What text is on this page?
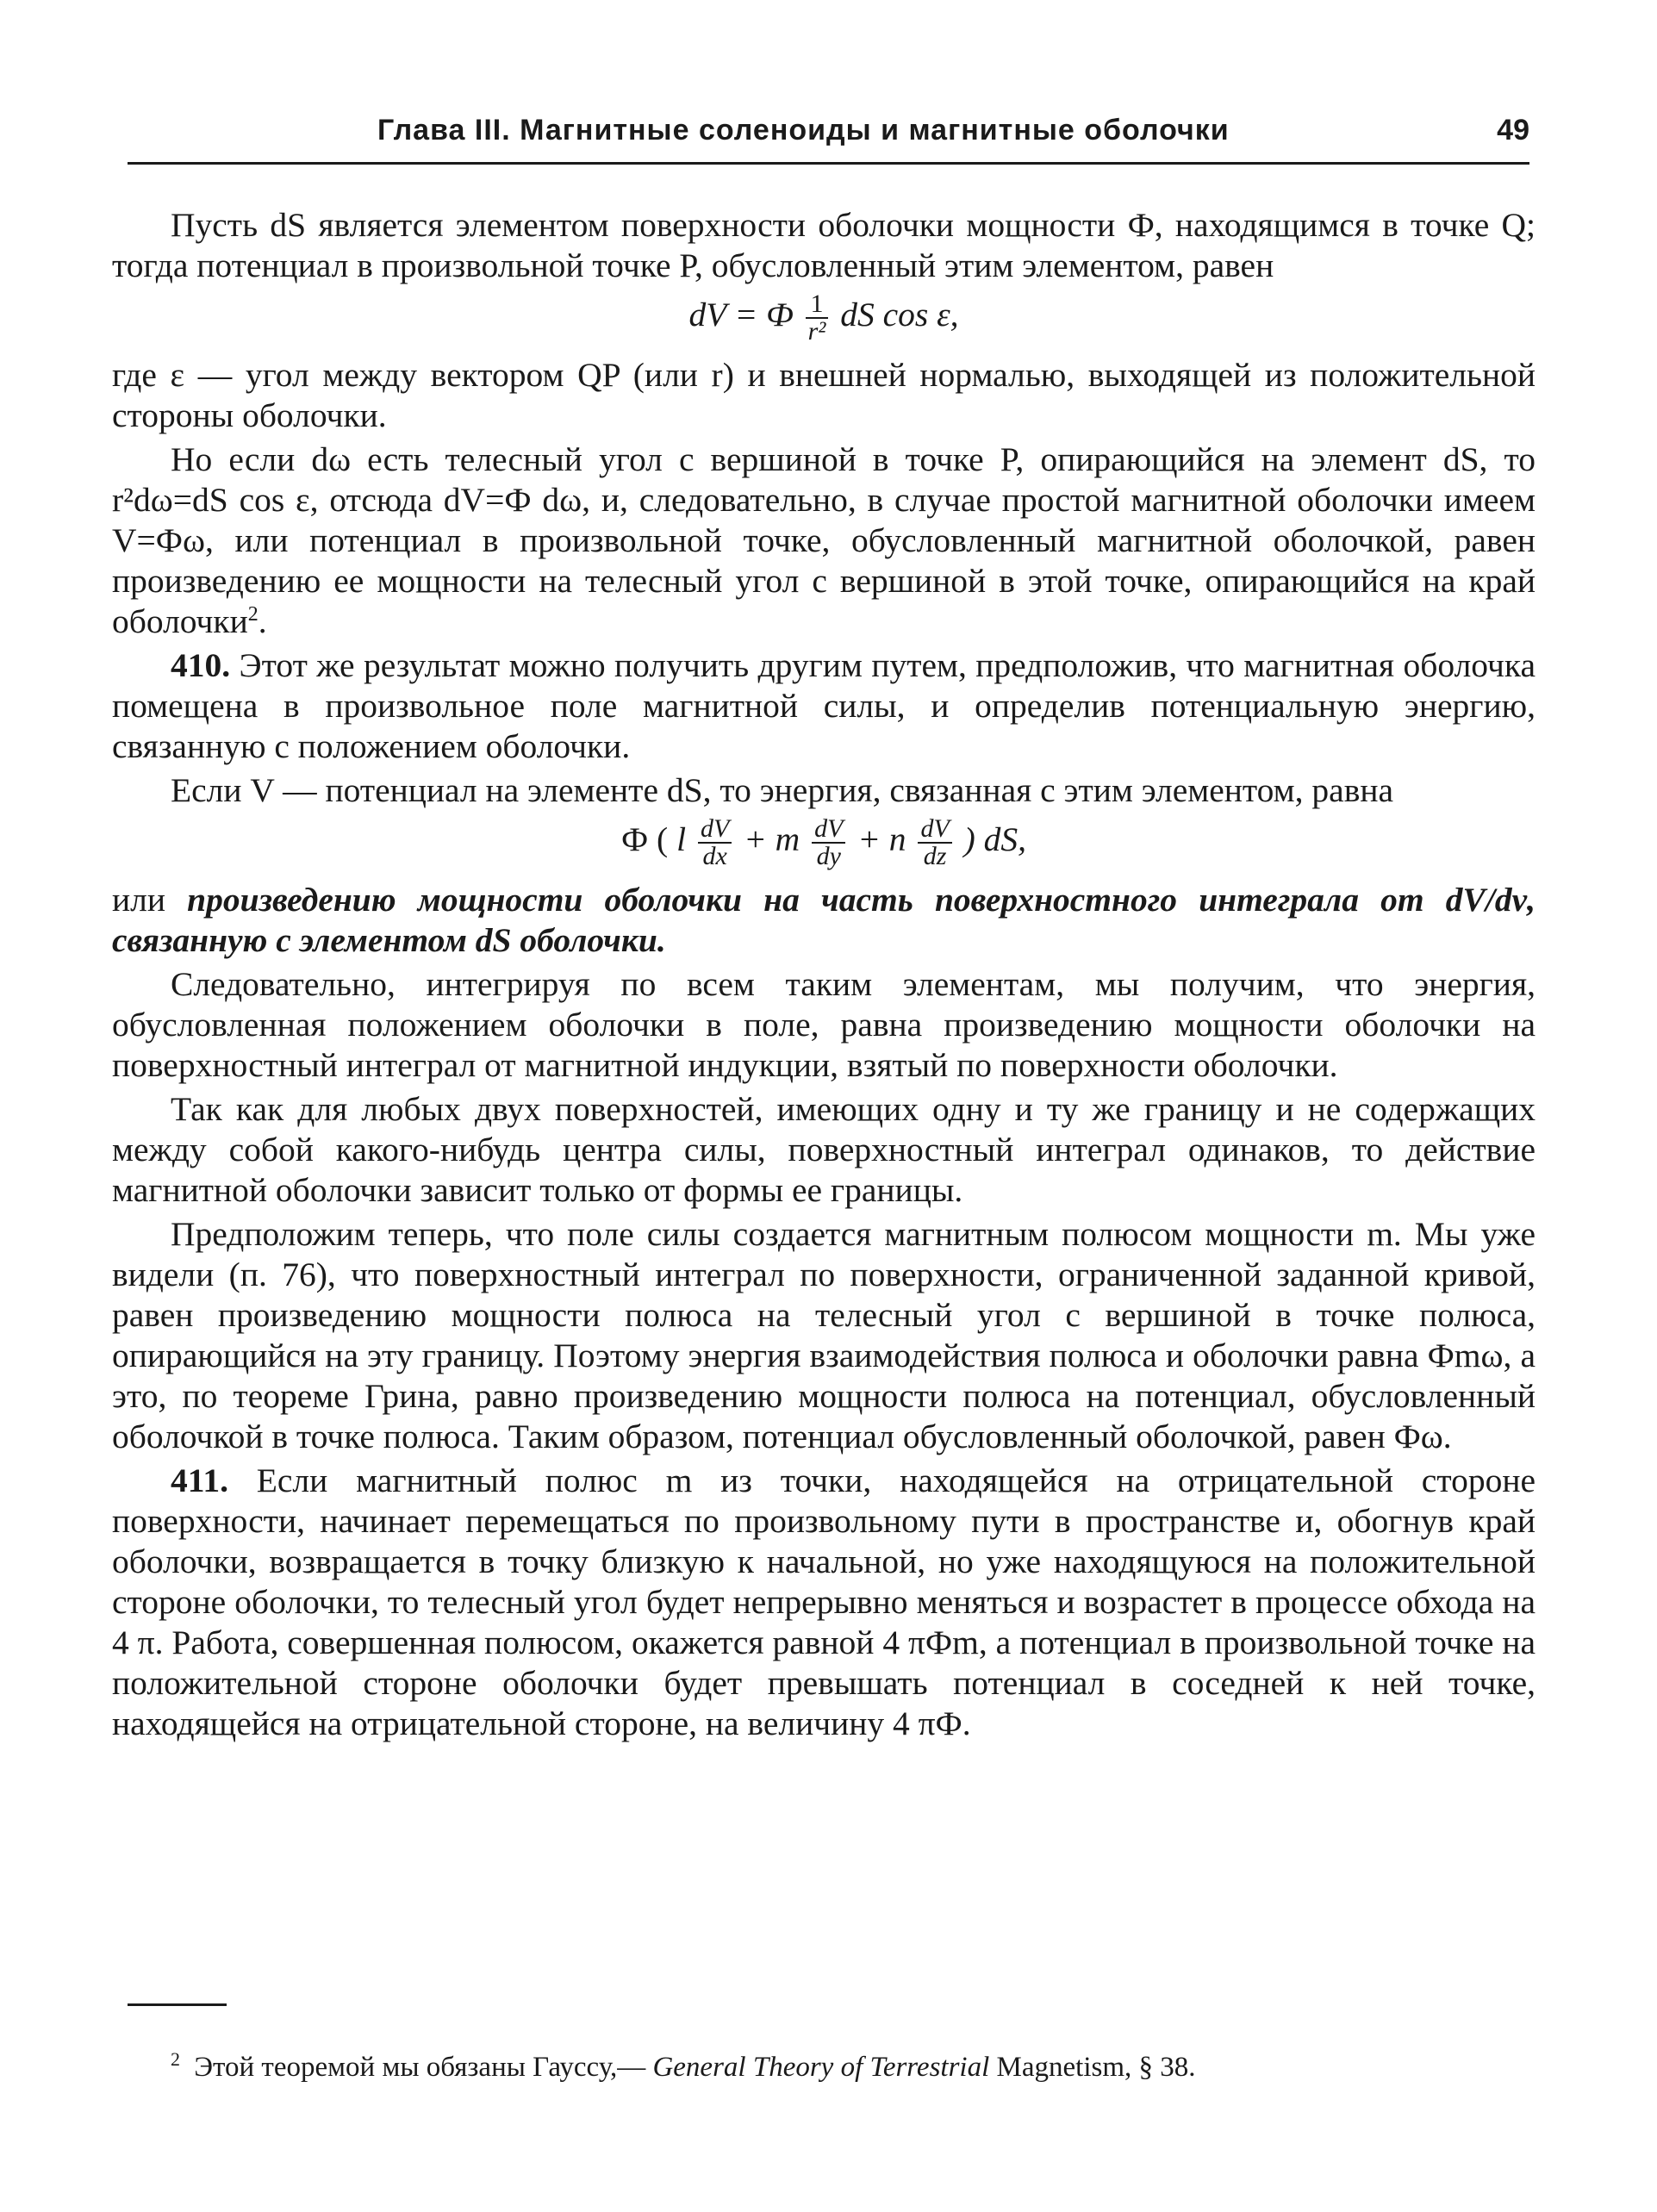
Глава III. Магнитные соленоиды и магнитные оболочки	49

Пусть dS является элементом поверхности оболочки мощности Ф, находящимся в точке Q; тогда потенциал в произвольной точке P, обусловленный этим элементом, равен

dV = Ф $\frac{1}{\text{r²}}$ dS cos ε,

где ε — угол между вектором QP (или r) и внешней нормалью, выходящей из положительной стороны оболочки.

Но если dω есть телесный угол с вершиной в точке P, опирающийся на элемент dS, то r²dω=dS cos ε, отсюда dV=Ф dω, и, следовательно, в случае простой магнитной оболочки имеем V=Фω, или потенциал в произвольной точке, обусловленный магнитной оболочкой, равен произведению ее мощности на телесный угол с вершиной в этой точке, опирающийся на край оболочки$^2$.

410. Этот же результат можно получить другим путем, предположив, что магнитная оболочка помещена в произвольное поле магнитной силы, и определив потенциальную энергию, связанную с положением оболочки.

Если V — потенциал на элементе dS, то энергия, связанная с этим элементом, равна

Ф ( l $\frac{dV}{dx} + m \frac{dV}{dy} + n \frac{dV}{dz}$ ) dS,

или произведению мощности оболочки на часть поверхностного интеграла от dV/dν, связанную с элементом dS оболочки.

Следовательно, интегрируя по всем таким элементам, мы получим, что энергия, обусловленная положением оболочки в поле, равна произведению мощности оболочки на поверхностный интеграл от магнитной индукции, взятый по поверхности оболочки.

Так как для любых двух поверхностей, имеющих одну и ту же границу и не содержащих между собой какого-нибудь центра силы, поверхностный интеграл одинаков, то действие магнитной оболочки зависит только от формы ее границы.

Предположим теперь, что поле силы создается магнитным полюсом мощности m. Мы уже видели (п. 76), что поверхностный интеграл по поверхности, ограниченной заданной кривой, равен произведению мощности полюса на телесный угол с вершиной в точке полюса, опирающийся на эту границу. Поэтому энергия взаимодействия полюса и оболочки равна Фmω, а это, по теореме Грина, равно произведению мощности полюса на потенциал, обусловленный оболочкой в точке полюса. Таким образом, потенциал обусловленный оболочкой, равен Фω.

411. Если магнитный полюс m из точки, находящейся на отрицательной стороне поверхности, начинает перемещаться по произвольному пути в пространстве и, обогнув край оболочки, возвращается в точку близкую к начальной, но уже находящуюся на положительной стороне оболочки, то телесный угол будет непрерывно меняться и возрастет в процессе обхода на 4 π. Работа, совершенная полюсом, окажется равной 4 πФm, а потенциал в произвольной точке на положительной стороне оболочки будет превышать потенциал в соседней к ней точке, находящейся на отрицательной стороне, на величину 4 πФ.

$^2$ Этой теоремой мы обязаны Гауссу,— General Theory of Terrestrial Magnetism, § 38.
